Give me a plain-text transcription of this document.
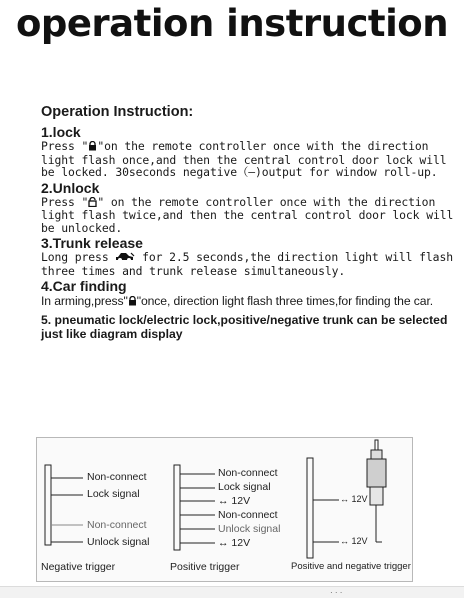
operation instruction

Operation Instruction:

1.lock

Press " "on the remote controller once with the direction light flash once,and then the central control door lock will be locked. 30seconds negative（—)output for window roll-up.

2.Unlock

Press " " on the remote controller once with the direction light flash twice,and then the central control door lock will be unlocked.

3.Trunk release

Long press  for 2.5 seconds,the direction light will flash three times and trunk release simultaneously.

4.Car finding

In arming,press" "once, direction light flash three times,for finding the car.

5. pneumatic lock/electric lock,positive/negative trunk can be selected just like diagram display

Non-connect
Lock signal
Non-connect
Unlock signal
Non-connect
Lock signal
↔ 12V
Non-connect
Unlock signal
↔ 12V
↔ 12V
↔ 12V
Negative trigger	Positive trigger	Positive and negative trigger
· · ·
